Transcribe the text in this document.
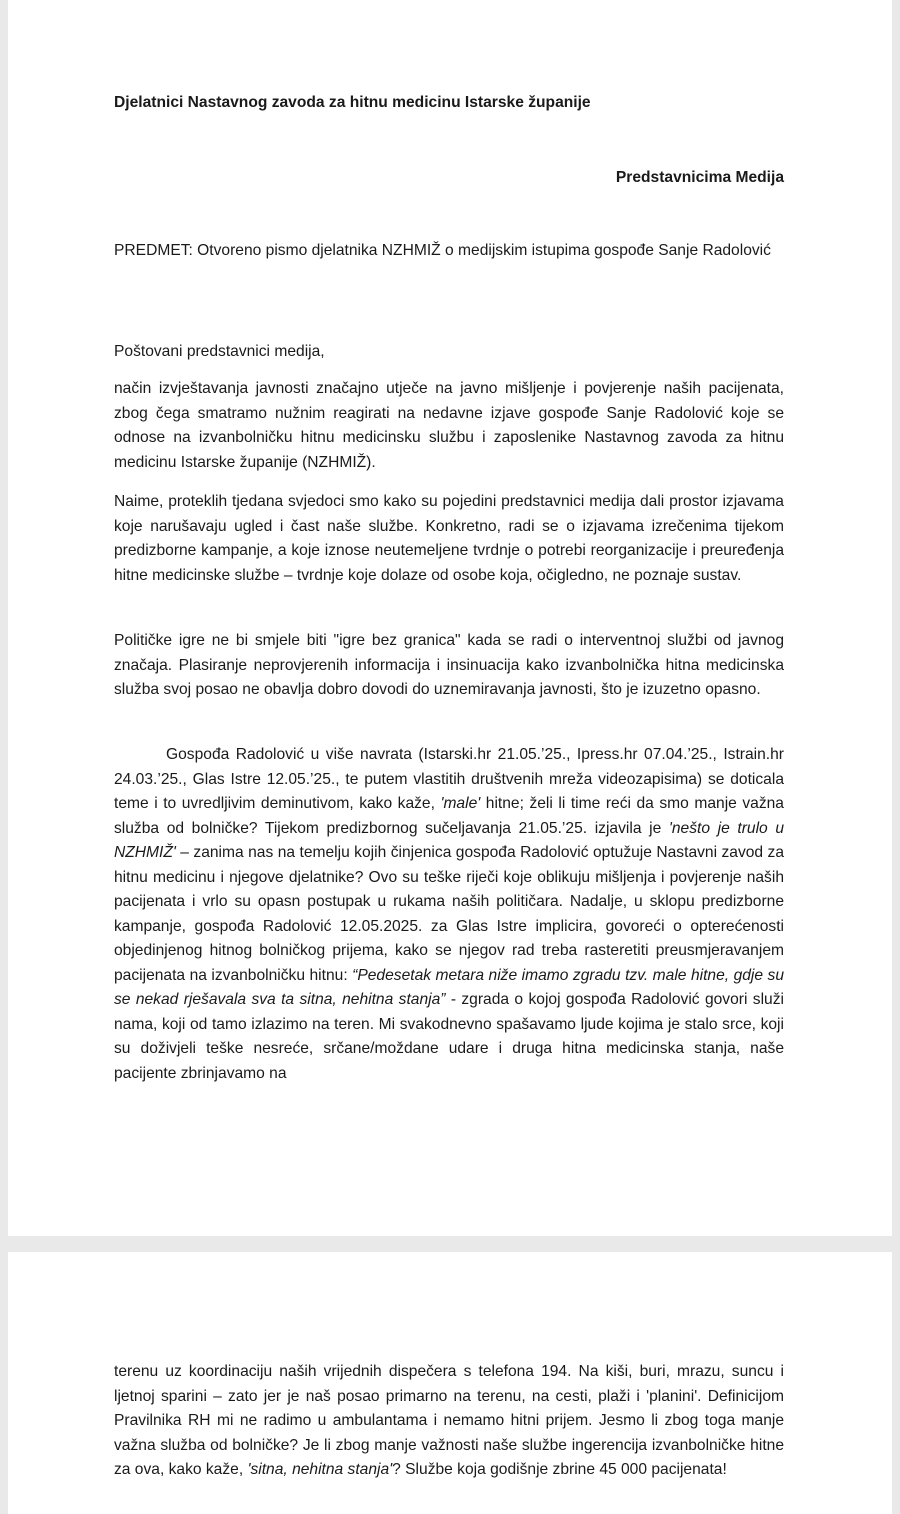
Djelatnici Nastavnog zavoda za hitnu medicinu Istarske županije
Predstavnicima Medija
PREDMET: Otvoreno pismo djelatnika NZHMIŽ o medijskim istupima gospođe Sanje Radolović
Poštovani predstavnici medija,
način izvještavanja javnosti značajno utječe na javno mišljenje i povjerenje naših pacijenata, zbog čega smatramo nužnim reagirati na nedavne izjave gospođe Sanje Radolović koje se odnose na izvanbolničku hitnu medicinsku službu i zaposlenike Nastavnog zavoda za hitnu medicinu Istarske županije (NZHMIŽ).
Naime, proteklih tjedana svjedoci smo kako su pojedini predstavnici medija dali prostor izjavama koje narušavaju ugled i čast naše službe. Konkretno, radi se o izjavama izrečenima tijekom predizborne kampanje, a koje iznose neutemeljene tvrdnje o potrebi reorganizacije i preuređenja hitne medicinske službe – tvrdnje koje dolaze od osobe koja, očigledno, ne poznaje sustav.
Političke igre ne bi smjele biti "igre bez granica" kada se radi o interventnoj službi od javnog značaja. Plasiranje neprovjerenih informacija i insinuacija kako izvanbolnička hitna medicinska služba svoj posao ne obavlja dobro dovodi do uznemiravanja javnosti, što je izuzetno opasno.
Gospođa Radolović u više navrata (Istarski.hr 21.05.’25., Ipress.hr 07.04.’25., Istrain.hr 24.03.’25., Glas Istre 12.05.’25., te putem vlastitih društvenih mreža videozapisima) se doticala teme i to uvredljivim deminutivom, kako kaže, 'male' hitne; želi li time reći da smo manje važna služba od bolničke? Tijekom predizbornog sučeljavanja 21.05.’25. izjavila je 'nešto je trulo u NZHMIŽ' – zanima nas na temelju kojih činjenica gospođa Radolović optužuje Nastavni zavod za hitnu medicinu i njegove djelatnike? Ovo su teške riječi koje oblikuju mišljenja i povjerenje naših pacijenata i vrlo su opasn postupak u rukama naših političara. Nadalje, u sklopu predizborne kampanje, gospođa Radolović 12.05.2025. za Glas Istre implicira, govoreći o opterećenosti objedinjenog hitnog bolničkog prijema, kako se njegov rad treba rasteretiti preusmjeravanjem pacijenata na izvanbolničku hitnu: “Pedesetak metara niže imamo zgradu tzv. male hitne, gdje su se nekad rješavala sva ta sitna, nehitna stanja” - zgrada o kojoj gospođa Radolović govori služi nama, koji od tamo izlazimo na teren. Mi svakodnevno spašavamo ljude kojima je stalo srce, koji su doživjeli teške nesreće, srčane/moždane udare i druga hitna medicinska stanja, naše pacijente zbrinjavamo na
terenu uz koordinaciju naših vrijednih dispečera s telefona 194. Na kiši, buri, mrazu, suncu i ljetnoj sparini – zato jer je naš posao primarno na terenu, na cesti, plaži i 'planini'. Definicijom Pravilnika RH mi ne radimo u ambulantama i nemamo hitni prijem. Jesmo li zbog toga manje važna služba od bolničke? Je li zbog manje važnosti naše službe ingerencija izvanbolničke hitne za ova, kako kaže, 'sitna, nehitna stanja'? Službe koja godišnje zbrine 45 000 pacijenata!
